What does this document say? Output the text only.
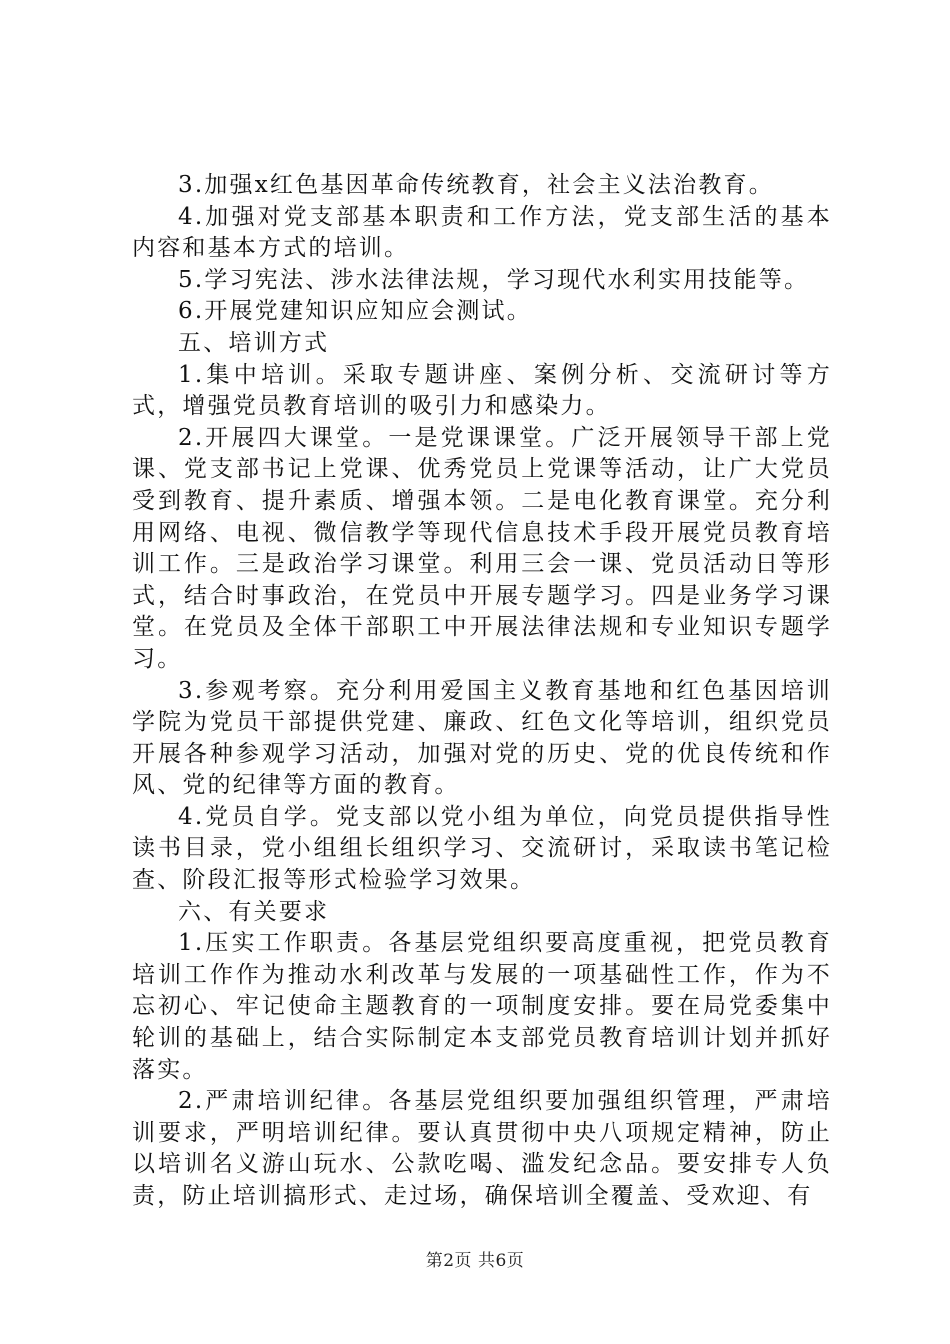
3.加强x红色基因革命传统教育，社会主义法治教育。

4.加强对党支部基本职责和工作方法，党支部生活的基本内容和基本方式的培训。

5.学习宪法、涉水法律法规，学习现代水利实用技能等。

6.开展党建知识应知应会测试。

五、培训方式

1.集中培训。采取专题讲座、案例分析、交流研讨等方式，增强党员教育培训的吸引力和感染力。

2.开展四大课堂。一是党课课堂。广泛开展领导干部上党课、党支部书记上党课、优秀党员上党课等活动，让广大党员受到教育、提升素质、增强本领。二是电化教育课堂。充分利用网络、电视、微信教学等现代信息技术手段开展党员教育培训工作。三是政治学习课堂。利用三会一课、党员活动日等形式，结合时事政治，在党员中开展专题学习。四是业务学习课堂。在党员及全体干部职工中开展法律法规和专业知识专题学习。

3.参观考察。充分利用爱国主义教育基地和红色基因培训学院为党员干部提供党建、廉政、红色文化等培训，组织党员开展各种参观学习活动，加强对党的历史、党的优良传统和作风、党的纪律等方面的教育。

4.党员自学。党支部以党小组为单位，向党员提供指导性读书目录，党小组组长组织学习、交流研讨，采取读书笔记检查、阶段汇报等形式检验学习效果。

六、有关要求

1.压实工作职责。各基层党组织要高度重视，把党员教育培训工作作为推动水利改革与发展的一项基础性工作，作为不忘初心、牢记使命主题教育的一项制度安排。要在局党委集中轮训的基础上，结合实际制定本支部党员教育培训计划并抓好落实。

2.严肃培训纪律。各基层党组织要加强组织管理，严肃培训要求，严明培训纪律。要认真贯彻中央八项规定精神，防止以培训名义游山玩水、公款吃喝、滥发纪念品。要安排专人负责，防止培训搞形式、走过场，确保培训全覆盖、受欢迎、有

第2页 共6页
